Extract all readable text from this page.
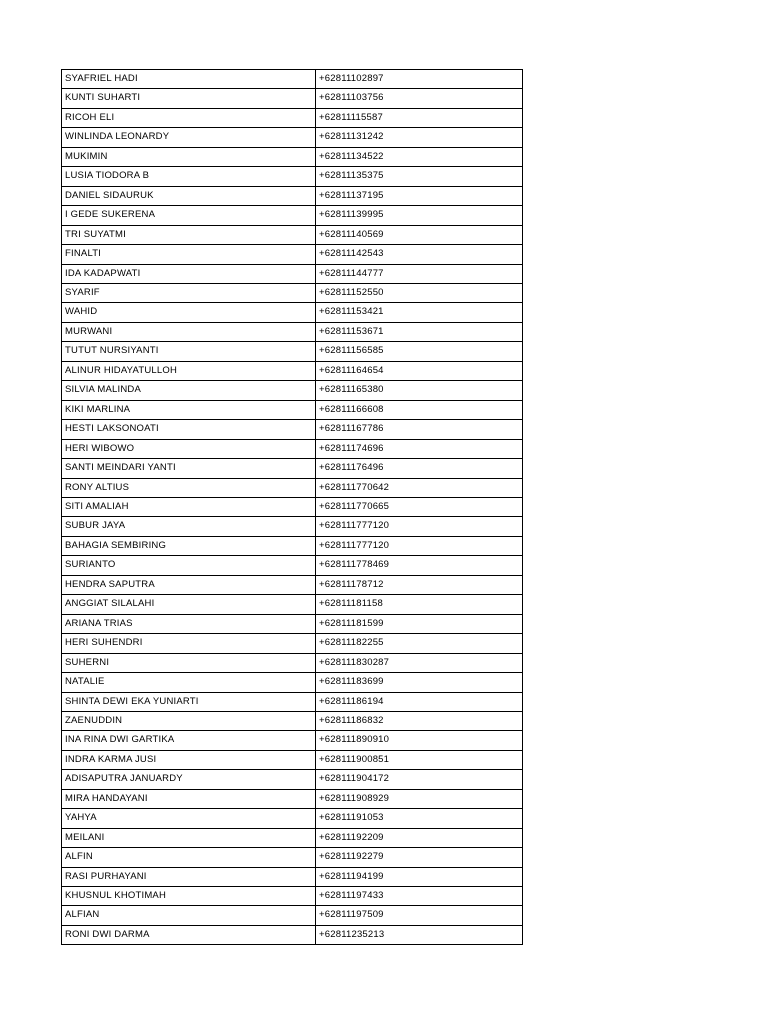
SYAFRIEL HADI	+62811102897
KUNTI SUHARTI	+62811103756
RICOH ELI	+62811115587
WINLINDA LEONARDY	+62811131242
MUKIMIN	+62811134522
LUSIA TIODORA B	+62811135375
DANIEL SIDAURUK	+62811137195
I GEDE SUKERENA	+62811139995
TRI SUYATMI	+62811140569
FINALTI	+62811142543
IDA KADAPWATI	+62811144777
SYARIF	+62811152550
WAHID	+62811153421
MURWANI	+62811153671
TUTUT NURSIYANTI	+62811156585
ALINUR HIDAYATULLOH	+62811164654
SILVIA MALINDA	+62811165380
KIKI MARLINA	+62811166608
HESTI LAKSONOATI	+62811167786
HERI WIBOWO	+62811174696
SANTI MEINDARI YANTI	+62811176496
RONY ALTIUS	+628111770642
SITI AMALIAH	+628111770665
SUBUR JAYA	+628111777120
BAHAGIA SEMBIRING	+628111777120
SURIANTO	+628111778469
HENDRA SAPUTRA	+62811178712
ANGGIAT SILALAHI	+62811181158
ARIANA TRIAS	+62811181599
HERI SUHENDRI	+62811182255
SUHERNI	+628111830287
NATALIE	+62811183699
SHINTA DEWI EKA YUNIARTI	+62811186194
ZAENUDDIN	+62811186832
INA RINA DWI GARTIKA	+628111890910
INDRA KARMA JUSI	+628111900851
ADISAPUTRA JANUARDY	+628111904172
MIRA HANDAYANI	+628111908929
YAHYA	+62811191053
MEILANI	+62811192209
ALFIN	+62811192279
RASI PURHAYANI	+62811194199
KHUSNUL KHOTIMAH	+62811197433
ALFIAN	+62811197509
RONI DWI DARMA	+62811235213
